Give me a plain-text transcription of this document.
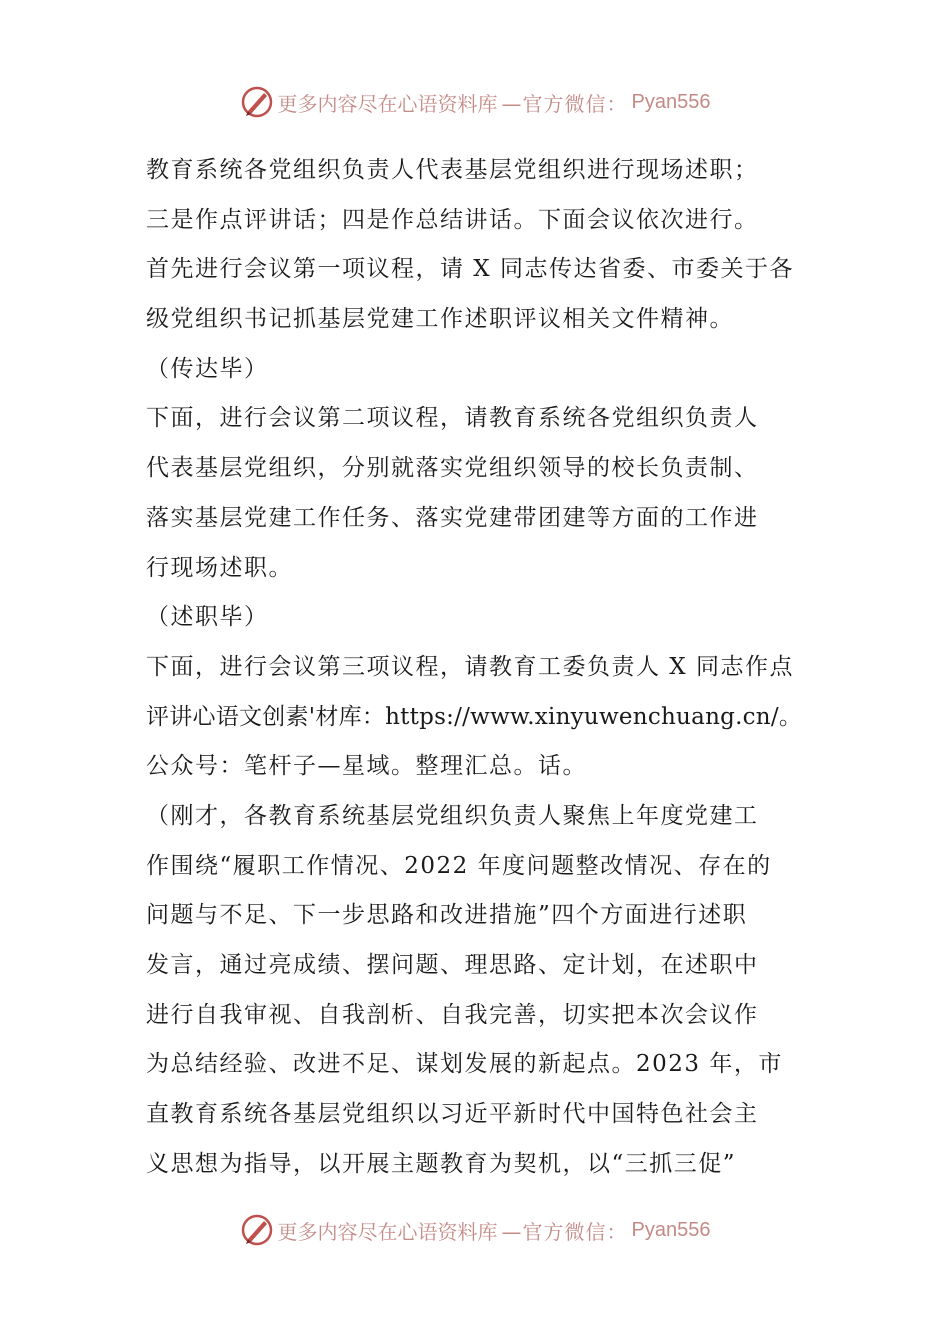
更多内容尽在心语资料库 —官方微信： Pyan556
教育系统各党组织负责人代表基层党组织进行现场述职；
三是作点评讲话；四是作总结讲话。下面会议依次进行。
首先进行会议第一项议程，请 X 同志传达省委、市委关于各
级党组织书记抓基层党建工作述职评议相关文件精神。
（传达毕）
下面，进行会议第二项议程，请教育系统各党组织负责人
代表基层党组织，分别就落实党组织领导的校长负责制、
落实基层党建工作任务、落实党建带团建等方面的工作进
行现场述职。
（述职毕）
下面，进行会议第三项议程，请教育工委负责人 X 同志作点
评讲心语文创素'材库：https://www.xinyuwenchuang.cn/。
公众号：笔杆子—星域。整理汇总。话。
（刚才，各教育系统基层党组织负责人聚焦上年度党建工
作围绕“履职工作情况、2022 年度问题整改情况、存在的
问题与不足、下一步思路和改进措施”四个方面进行述职
发言，通过亮成绩、摆问题、理思路、定计划，在述职中
进行自我审视、自我剖析、自我完善，切实把本次会议作
为总结经验、改进不足、谋划发展的新起点。2023 年，市
直教育系统各基层党组织以习近平新时代中国特色社会主
义思想为指导，以开展主题教育为契机，以“三抓三促”
更多内容尽在心语资料库 —官方微信： Pyan556
